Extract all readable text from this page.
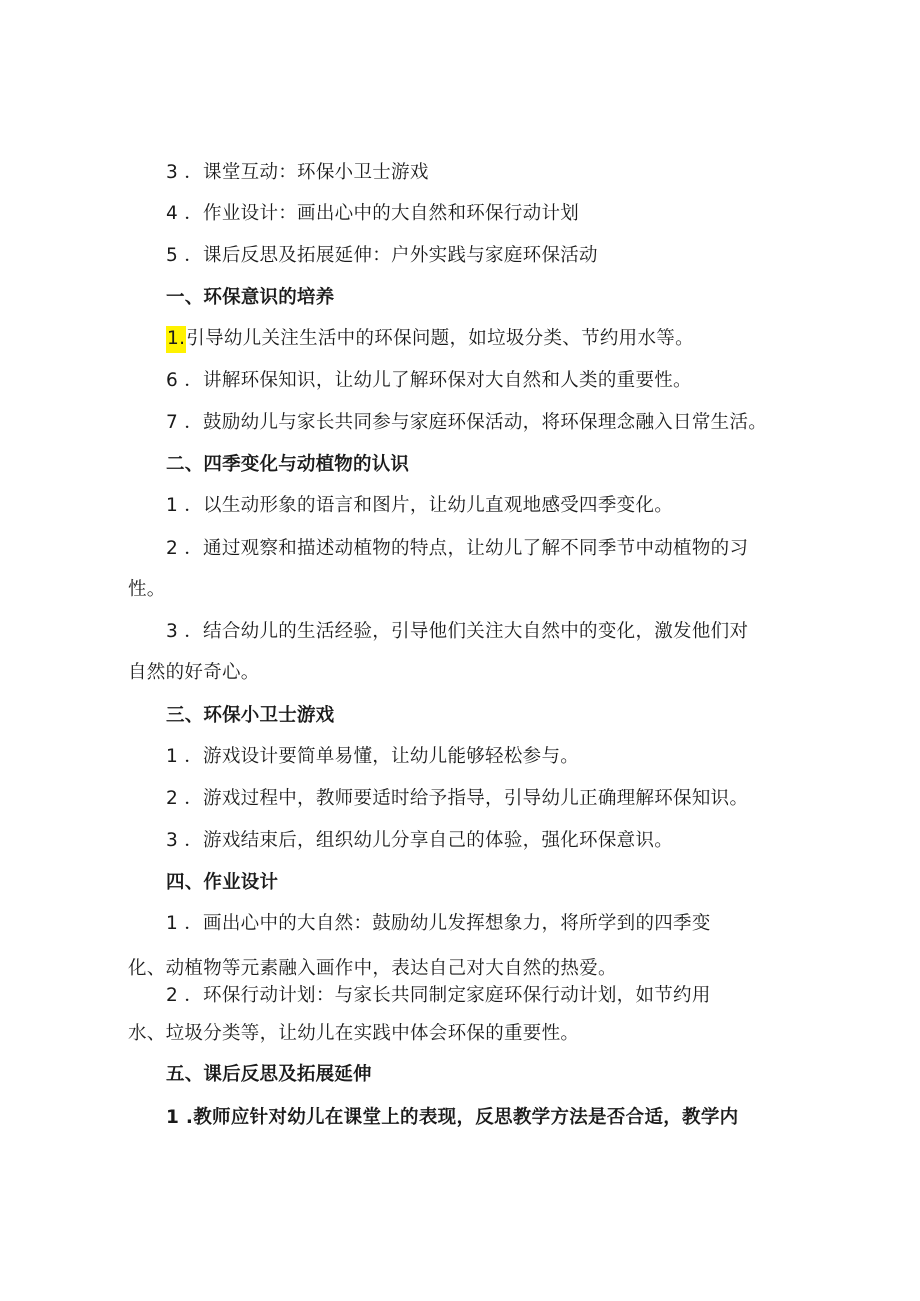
3 ．课堂互动：环保小卫士游戏
4 ．作业设计：画出心中的大自然和环保行动计划
5 ．课后反思及拓展延伸：户外实践与家庭环保活动
一、环保意识的培养
1.引导幼儿关注生活中的环保问题，如垃圾分类、节约用水等。
6 ．讲解环保知识，让幼儿了解环保对大自然和人类的重要性。
7 ．鼓励幼儿与家长共同参与家庭环保活动，将环保理念融入日常生活。
二、四季变化与动植物的认识
1 ．以生动形象的语言和图片，让幼儿直观地感受四季变化。
2 ．通过观察和描述动植物的特点，让幼儿了解不同季节中动植物的习
性。
3 ．结合幼儿的生活经验，引导他们关注大自然中的变化，激发他们对
自然的好奇心。
三、环保小卫士游戏
1 ．游戏设计要简单易懂，让幼儿能够轻松参与。
2 ．游戏过程中，教师要适时给予指导，引导幼儿正确理解环保知识。
3 ．游戏结束后，组织幼儿分享自己的体验，强化环保意识。
四、作业设计
1 ．画出心中的大自然：鼓励幼儿发挥想象力，将所学到的四季变
化、动植物等元素融入画作中，表达自己对大自然的热爱。
2 ．环保行动计划：与家长共同制定家庭环保行动计划，如节约用
水、垃圾分类等，让幼儿在实践中体会环保的重要性。
五、课后反思及拓展延伸
1 .教师应针对幼儿在课堂上的表现，反思教学方法是否合适，教学内
